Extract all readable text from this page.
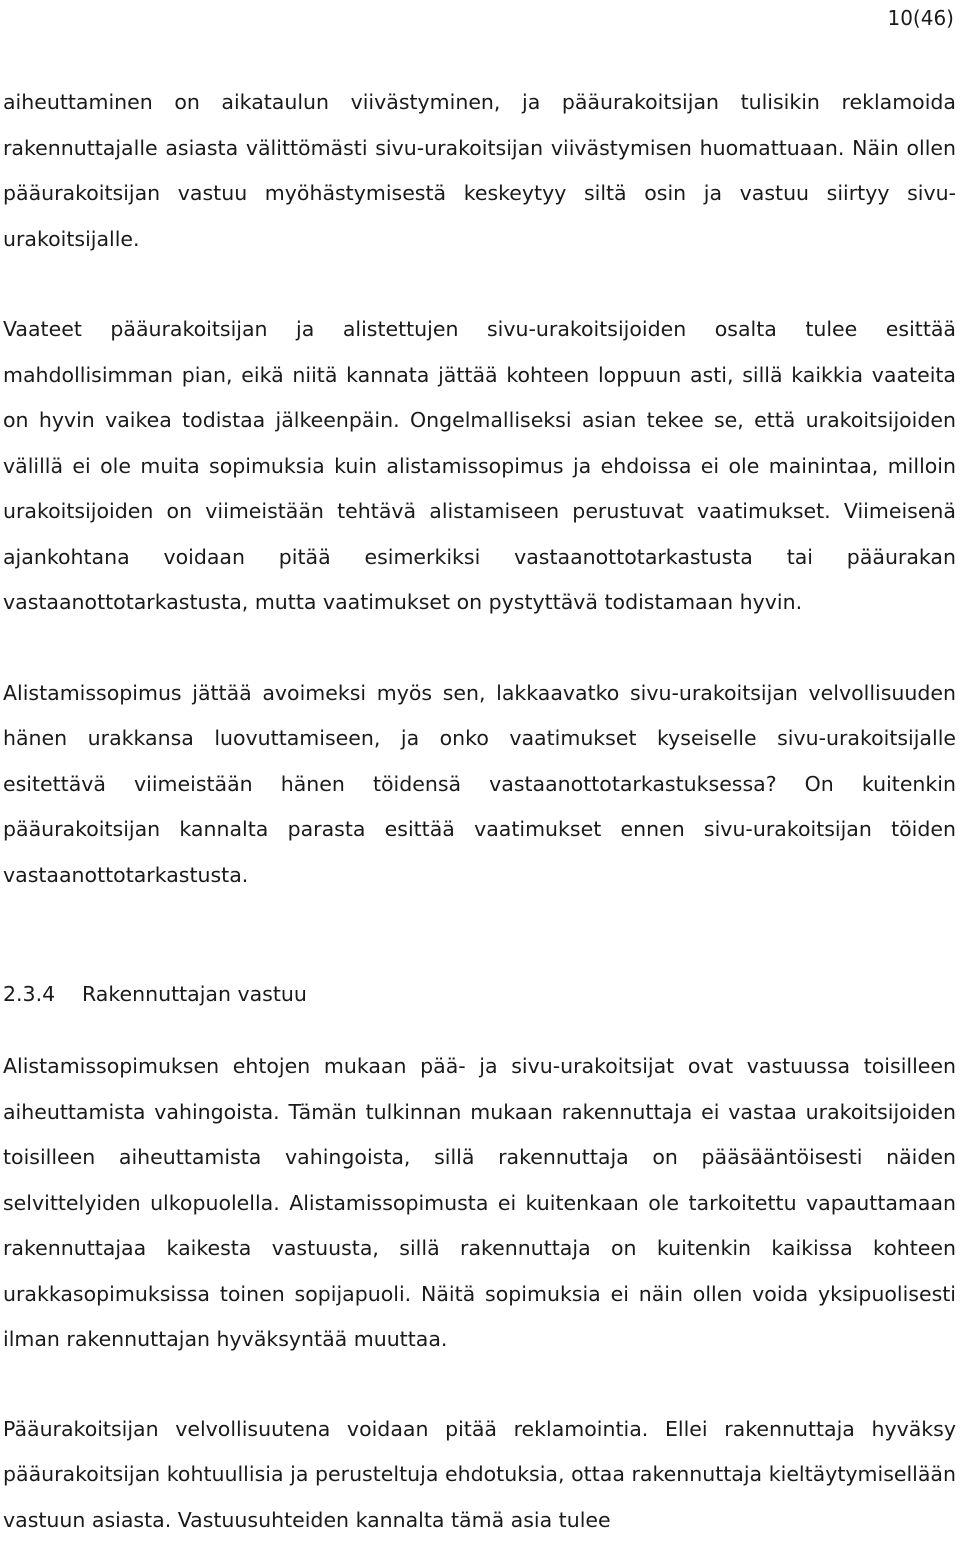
10(46)

aiheuttaminen on aikataulun viivästyminen, ja pääurakoitsijan tulisikin reklamoida rakennuttajalle asiasta välittömästi sivu-urakoitsijan viivästymisen huomattuaan. Näin ollen pääurakoitsijan vastuu myöhästymisestä keskeytyy siltä osin ja vastuu siirtyy sivu-urakoitsijalle.

Vaateet pääurakoitsijan ja alistettujen sivu-urakoitsijoiden osalta tulee esittää mahdollisimman pian, eikä niitä kannata jättää kohteen loppuun asti, sillä kaikkia vaateita on hyvin vaikea todistaa jälkeenpäin. Ongelmalliseksi asian tekee se, että urakoitsijoiden välillä ei ole muita sopimuksia kuin alistamissopimus ja ehdoissa ei ole mainintaa, milloin urakoitsijoiden on viimeistään tehtävä alistamiseen perustuvat vaatimukset. Viimeisenä ajankohtana voidaan pitää esimerkiksi vastaanottotarkastusta tai pääurakan vastaanottotarkastusta, mutta vaatimukset on pystyttävä todistamaan hyvin.

Alistamissopimus jättää avoimeksi myös sen, lakkaavatko sivu-urakoitsijan velvollisuuden hänen urakkansa luovuttamiseen, ja onko vaatimukset kyseiselle sivu-urakoitsijalle esitettävä viimeistään hänen töidensä vastaanottotarkastuksessa? On kuitenkin pääurakoitsijan kannalta parasta esittää vaatimukset ennen sivu-urakoitsijan töiden vastaanottotarkastusta.

2.3.4 Rakennuttajan vastuu

Alistamissopimuksen ehtojen mukaan pää- ja sivu-urakoitsijat ovat vastuussa toisilleen aiheuttamista vahingoista. Tämän tulkinnan mukaan rakennuttaja ei vastaa urakoitsijoiden toisilleen aiheuttamista vahingoista, sillä rakennuttaja on pääsääntöisesti näiden selvittelyiden ulkopuolella. Alistamissopimusta ei kuitenkaan ole tarkoitettu vapauttamaan rakennuttajaa kaikesta vastuusta, sillä rakennuttaja on kuitenkin kaikissa kohteen urakkasopimuksissa toinen sopijapuoli. Näitä sopimuksia ei näin ollen voida yksipuolisesti ilman rakennuttajan hyväksyntää muuttaa.

Pääurakoitsijan velvollisuutena voidaan pitää reklamointia. Ellei rakennuttaja hyväksy pääurakoitsijan kohtuullisia ja perusteltuja ehdotuksia, ottaa rakennuttaja kieltäytymisellään vastuun asiasta. Vastuusuhteiden kannalta tämä asia tulee
